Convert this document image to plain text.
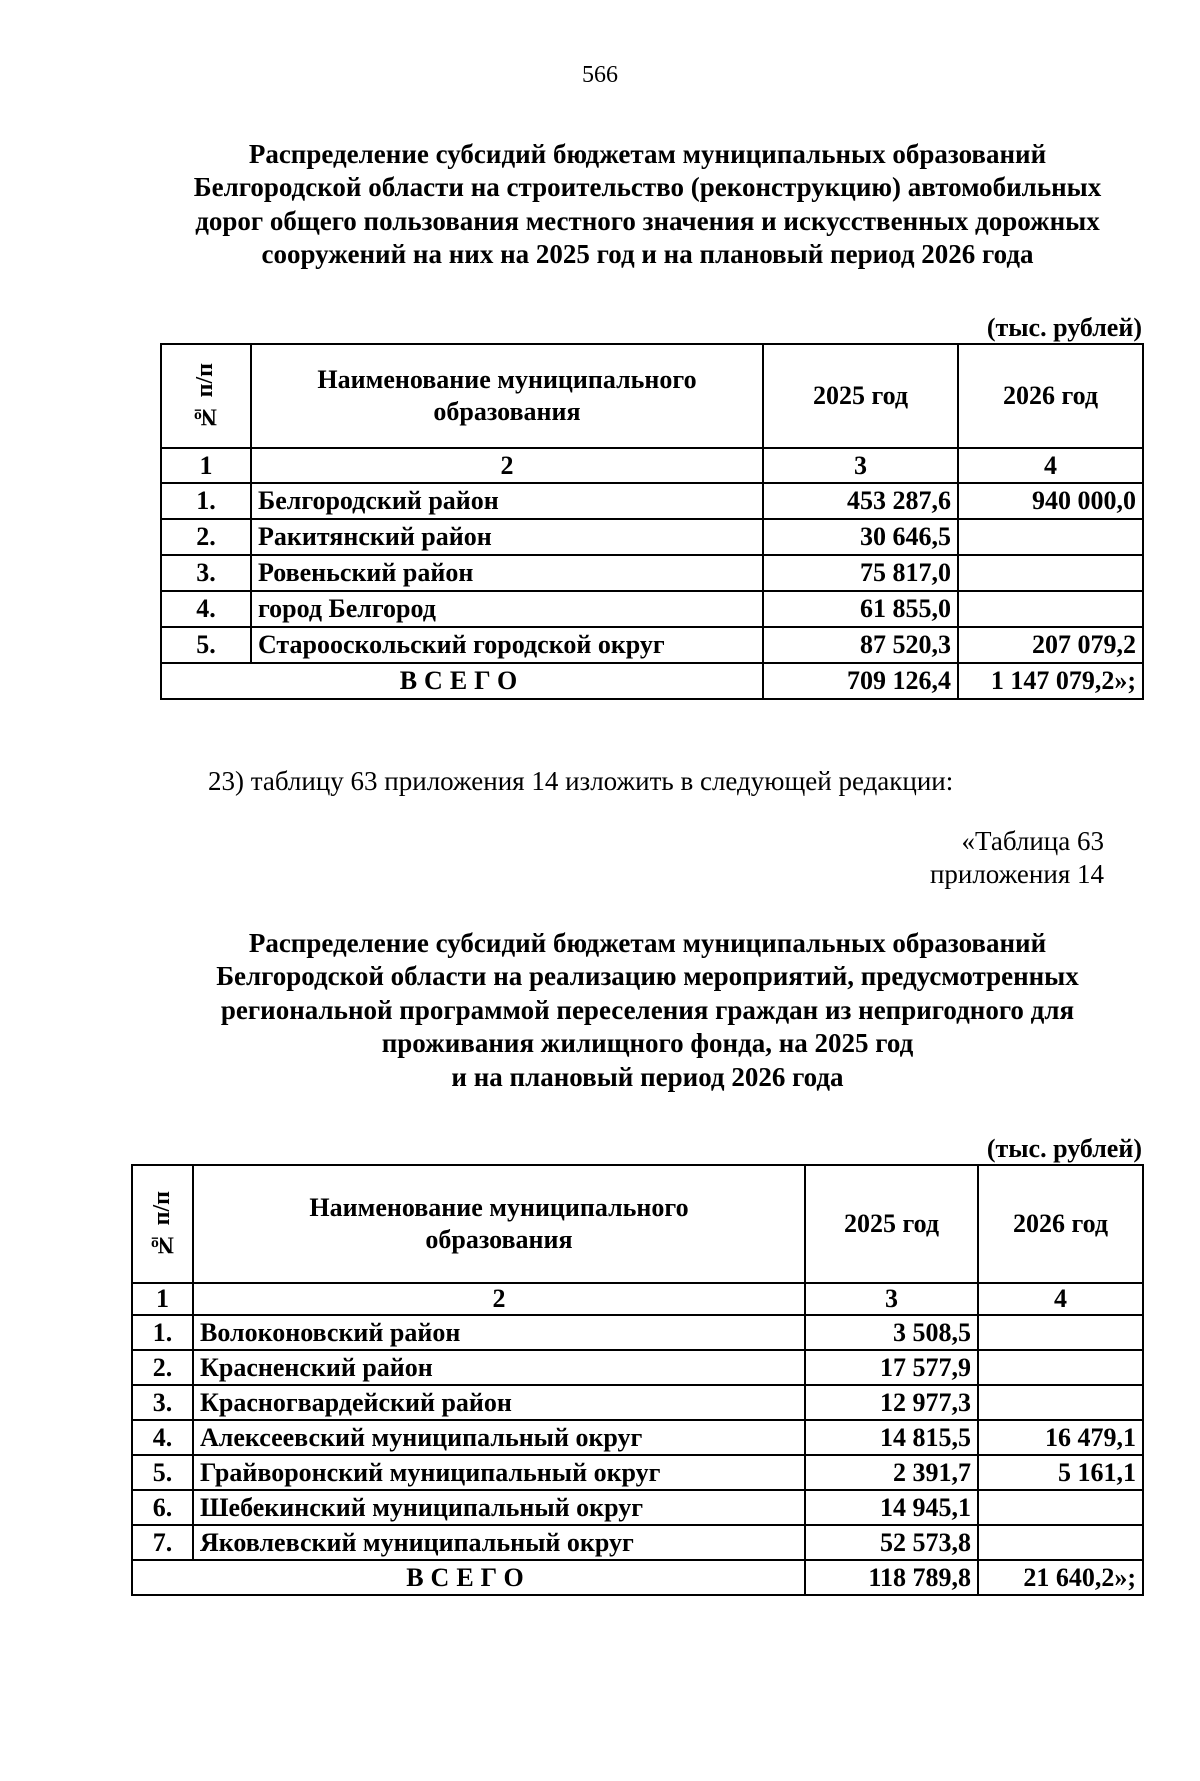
566
Распределение субсидий бюджетам муниципальных образований
Белгородской области на строительство (реконструкцию) автомобильных
дорог общего пользования местного значения и искусственных дорожных
сооружений на них на 2025 год и на плановый период 2026 года
(тыс. рублей)
№ п/п	Наименование муниципального образования	2025 год	2026 год
1	2	3	4
1.	Белгородский район	453 287,6	940 000,0
2.	Ракитянский район	30 646,5	
3.	Ровеньский район	75 817,0	
4.	город Белгород	61 855,0	
5.	Старооскольский городской округ	87 520,3	207 079,2
ВСЕГО		709 126,4	1 147 079,2»;
23) таблицу 63 приложения 14 изложить в следующей редакции:
«Таблица 63
приложения 14
Распределение субсидий бюджетам муниципальных образований
Белгородской области на реализацию мероприятий, предусмотренных
региональной программой переселения граждан из непригодного для
проживания жилищного фонда, на 2025 год
и на плановый период 2026 года
(тыс. рублей)
№ п/п	Наименование муниципального образования	2025 год	2026 год
1	2	3	4
1.	Волоконовский район	3 508,5	
2.	Красненский район	17 577,9	
3.	Красногвардейский район	12 977,3	
4.	Алексеевский муниципальный округ	14 815,5	16 479,1
5.	Грайворонский муниципальный округ	2 391,7	5 161,1
6.	Шебекинский муниципальный округ	14 945,1	
7.	Яковлевский муниципальный округ	52 573,8	
ВСЕГО		118 789,8	21 640,2»;
